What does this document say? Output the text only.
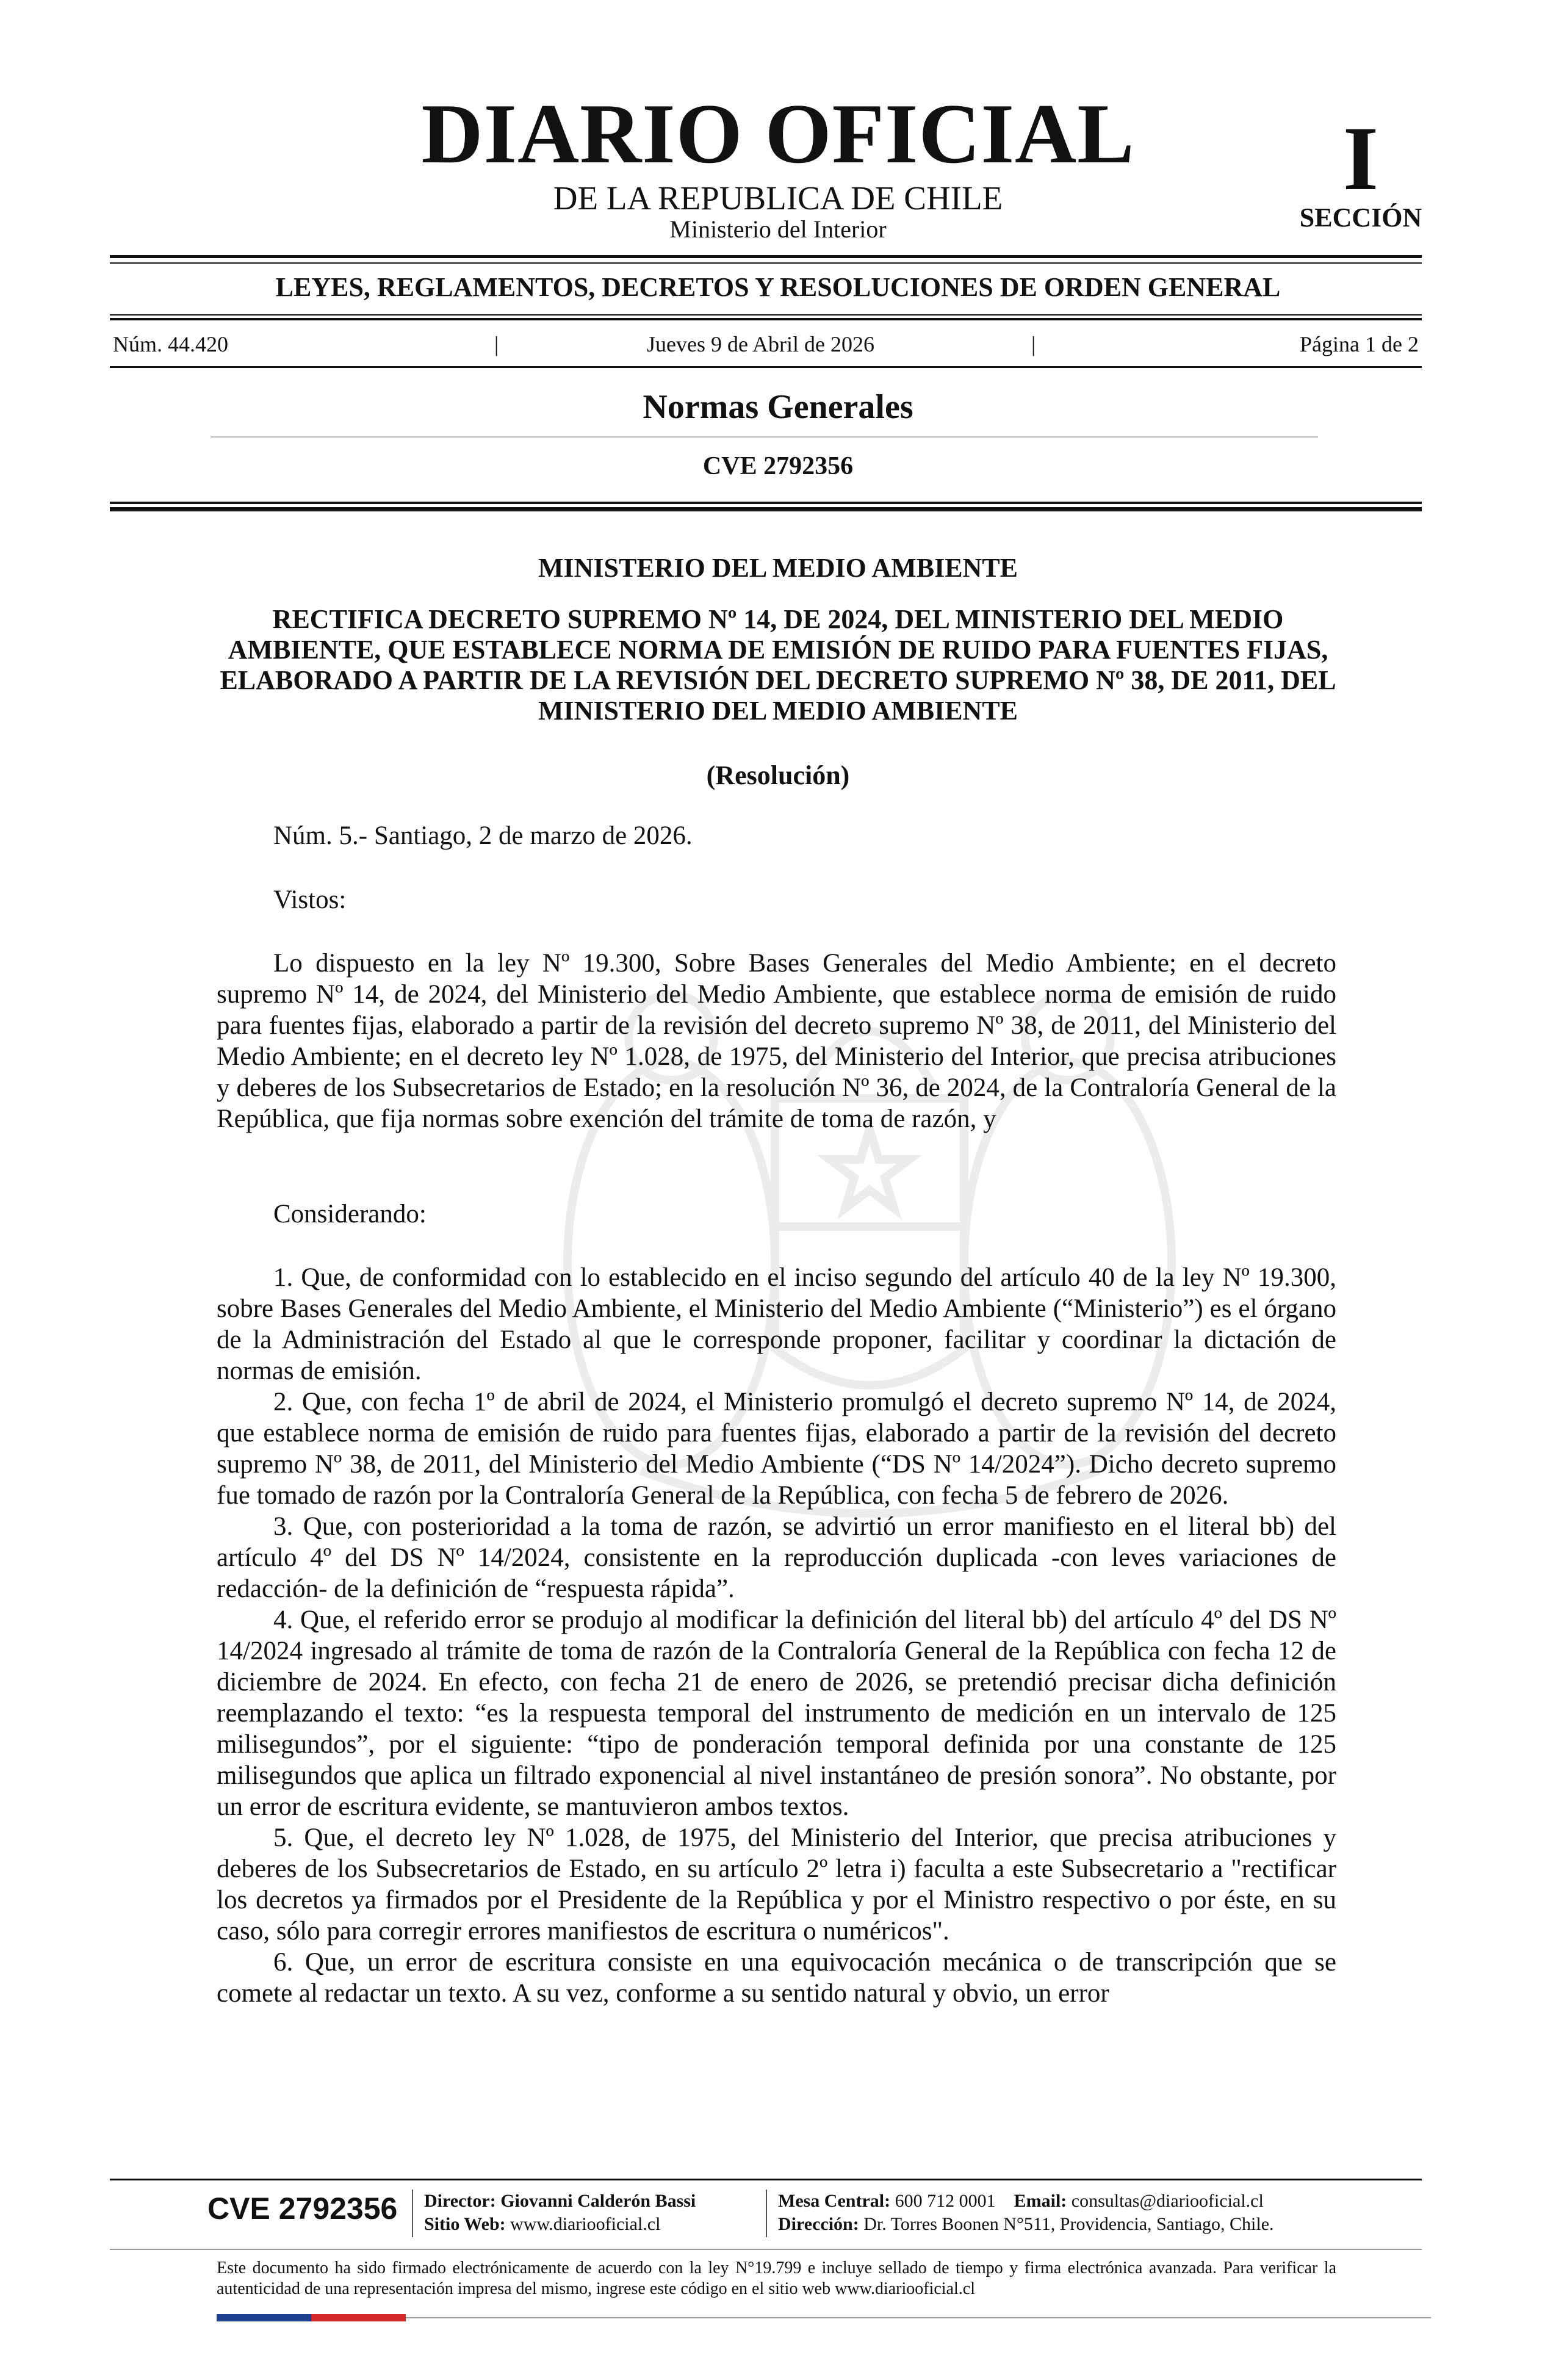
DIARIO OFICIAL
DE LA REPUBLICA DE CHILE
Ministerio del Interior
I
SECCIÓN
LEYES, REGLAMENTOS, DECRETOS Y RESOLUCIONES DE ORDEN GENERAL
Núm. 44.420	|	Jueves 9 de Abril de 2026	|	Página 1 de 2
Normas Generales
CVE 2792356
MINISTERIO DEL MEDIO AMBIENTE
RECTIFICA DECRETO SUPREMO Nº 14, DE 2024, DEL MINISTERIO DEL MEDIO AMBIENTE, QUE ESTABLECE NORMA DE EMISIÓN DE RUIDO PARA FUENTES FIJAS, ELABORADO A PARTIR DE LA REVISIÓN DEL DECRETO SUPREMO Nº 38, DE 2011, DEL MINISTERIO DEL MEDIO AMBIENTE
(Resolución)
Núm. 5.- Santiago, 2 de marzo de 2026.
Vistos:

Lo dispuesto en la ley Nº 19.300, Sobre Bases Generales del Medio Ambiente; en el decreto supremo Nº 14, de 2024, del Ministerio del Medio Ambiente, que establece norma de emisión de ruido para fuentes fijas, elaborado a partir de la revisión del decreto supremo Nº 38, de 2011, del Ministerio del Medio Ambiente; en el decreto ley Nº 1.028, de 1975, del Ministerio del Interior, que precisa atribuciones y deberes de los Subsecretarios de Estado; en la resolución Nº 36, de 2024, de la Contraloría General de la República, que fija normas sobre exención del trámite de toma de razón, y

Considerando:

1. Que, de conformidad con lo establecido en el inciso segundo del artículo 40 de la ley Nº 19.300, sobre Bases Generales del Medio Ambiente, el Ministerio del Medio Ambiente (“Ministerio”) es el órgano de la Administración del Estado al que le corresponde proponer, facilitar y coordinar la dictación de normas de emisión.

2. Que, con fecha 1º de abril de 2024, el Ministerio promulgó el decreto supremo Nº 14, de 2024, que establece norma de emisión de ruido para fuentes fijas, elaborado a partir de la revisión del decreto supremo Nº 38, de 2011, del Ministerio del Medio Ambiente (“DS Nº 14/2024”). Dicho decreto supremo fue tomado de razón por la Contraloría General de la República, con fecha 5 de febrero de 2026.

3. Que, con posterioridad a la toma de razón, se advirtió un error manifiesto en el literal bb) del artículo 4º del DS Nº 14/2024, consistente en la reproducción duplicada -con leves variaciones de redacción- de la definición de “respuesta rápida”.

4. Que, el referido error se produjo al modificar la definición del literal bb) del artículo 4º del DS Nº 14/2024 ingresado al trámite de toma de razón de la Contraloría General de la República con fecha 12 de diciembre de 2024. En efecto, con fecha 21 de enero de 2026, se pretendió precisar dicha definición reemplazando el texto: “es la respuesta temporal del instrumento de medición en un intervalo de 125 milisegundos”, por el siguiente: “tipo de ponderación temporal definida por una constante de 125 milisegundos que aplica un filtrado exponencial al nivel instantáneo de presión sonora”. No obstante, por un error de escritura evidente, se mantuvieron ambos textos.

5. Que, el decreto ley Nº 1.028, de 1975, del Ministerio del Interior, que precisa atribuciones y deberes de los Subsecretarios de Estado, en su artículo 2º letra i) faculta a este Subsecretario a "rectificar los decretos ya firmados por el Presidente de la República y por el Ministro respectivo o por éste, en su caso, sólo para corregir errores manifiestos de escritura o numéricos".

6. Que, un error de escritura consiste en una equivocación mecánica o de transcripción que se comete al redactar un texto. A su vez, conforme a su sentido natural y obvio, un error

CVE 2792356 Director: Giovanni Calderón Bassi
Sitio Web: www.diariooficial.cl
Mesa Central: 600 712 0001 Email: consultas@diariooficial.cl
Dirección: Dr. Torres Boonen N°511, Providencia, Santiago, Chile.
Este documento ha sido firmado electrónicamente de acuerdo con la ley N°19.799 e incluye sellado de tiempo y firma electrónica avanzada. Para verificar la autenticidad de una representación impresa del mismo, ingrese este código en el sitio web www.diariooficial.cl
